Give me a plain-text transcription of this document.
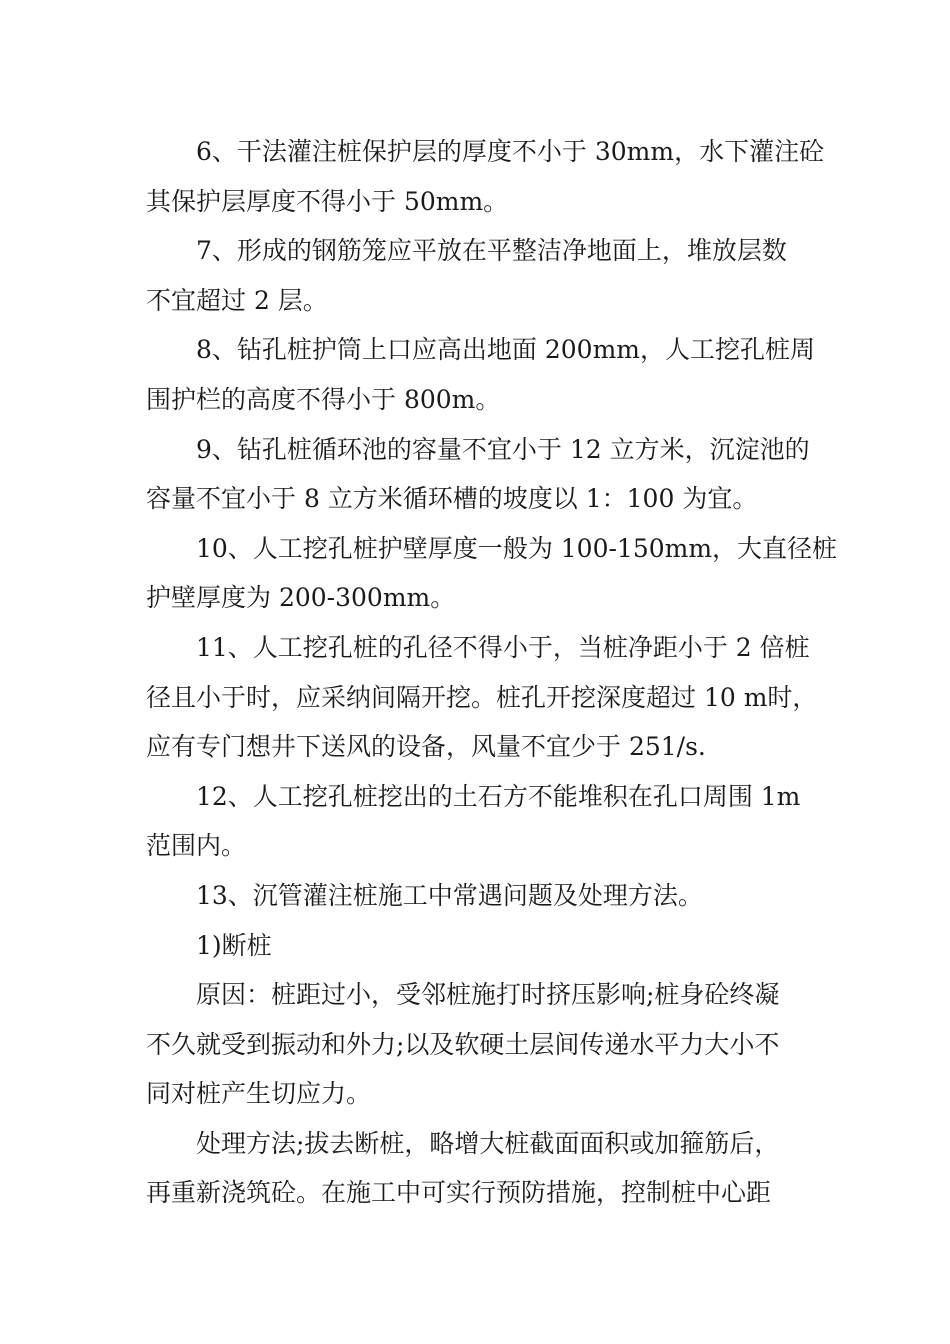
6、干法灌注桩保护层的厚度不小于 30mm，水下灌注砼
其保护层厚度不得小于 50mm。
7、形成的钢筋笼应平放在平整洁净地面上，堆放层数
不宜超过 2 层。
8、钻孔桩护筒上口应高出地面 200mm，人工挖孔桩周
围护栏的高度不得小于 800m。
9、钻孔桩循环池的容量不宜小于 12 立方米，沉淀池的
容量不宜小于 8 立方米循环槽的坡度以 1：100 为宜。
10、人工挖孔桩护壁厚度一般为 100-150mm，大直径桩
护壁厚度为 200-300mm。
11、人工挖孔桩的孔径不得小于，当桩净距小于 2 倍桩
径且小于时，应采纳间隔开挖。桩孔开挖深度超过 10 m时，
应有专门想井下送风的设备，风量不宜少于 251/s.
12、人工挖孔桩挖出的土石方不能堆积在孔口周围 1m
范围内。
13、沉管灌注桩施工中常遇问题及处理方法。
1)断桩
原因：桩距过小，受邻桩施打时挤压影响;桩身砼终凝
不久就受到振动和外力;以及软硬土层间传递水平力大小不
同对桩产生切应力。
处理方法;拔去断桩，略增大桩截面面积或加箍筋后，
再重新浇筑砼。在施工中可实行预防措施，控制桩中心距
